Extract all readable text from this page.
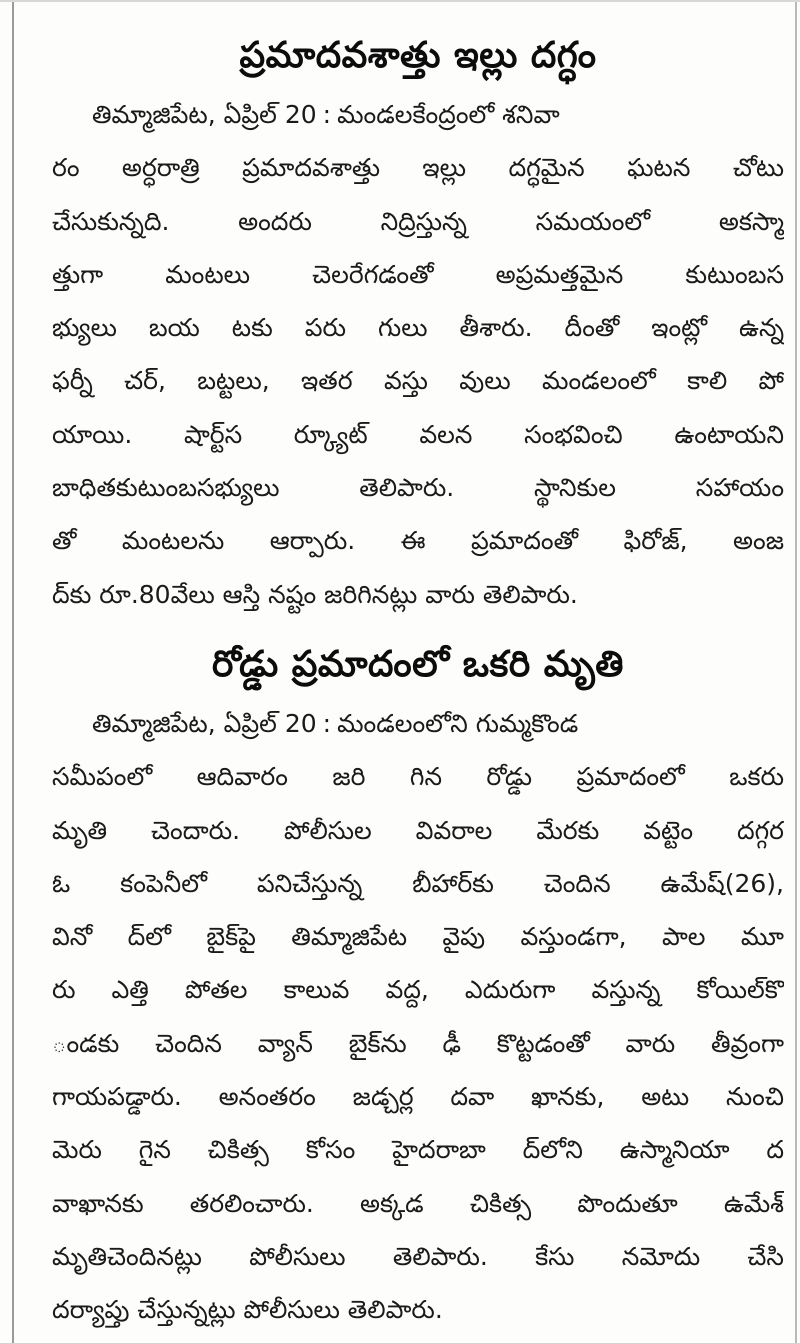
ప్రమాదవశాత్తు ఇల్లు దగ్ధం

తిమ్మాజిపేట, ఏప్రిల్ 20 : మండలకేంద్రంలో శనివా

రం అర్ధరాత్రి ప్రమాదవశాత్తు ఇల్లు దగ్ధమైన ఘటన చోటు

చేసుకున్నది. అందరు నిద్రిస్తున్న సమయంలో అకస్మా

త్తుగా మంటలు చెలరేగడంతో అప్రమత్తమైన కుటుంబస

భ్యులు బయ టకు పరు గులు తీశారు. దీంతో ఇంట్లో ఉన్న

ఫర్నీ చర్, బట్టలు, ఇతర వస్తు వులు మండలంలో కాలి పో

యాయి. షార్ట్‌స ర్క్యూట్ వలన సంభవించి ఉంటాయని

బాధితకుటుంబసభ్యులు తెలిపారు. స్థానికుల సహాయం

తో మంటలను ఆర్పారు. ఈ ప్రమాదంతో ఫిరోజ్, అంజ

ద్‌కు రూ.80వేలు ఆస్తి నష్టం జరిగినట్లు వారు తెలిపారు.

రోడ్డు ప్రమాదంలో ఒకరి మృతి

తిమ్మాజిపేట, ఏప్రిల్ 20 : మండలంలోని గుమ్మకొండ

సమీపంలో ఆదివారం జరి గిన రోడ్డు ప్రమాదంలో ఒకరు

మృతి చెందారు. పోలీసుల వివరాల మేరకు వట్టెం దగ్గర

ఓ కంపెనీలో పనిచేస్తున్న బీహార్‌కు చెందిన ఉమేష్(26),

వినో ద్‌లో బైక్‌పై తిమ్మాజిపేట వైపు వస్తుండగా, పాల మూ

రు ఎత్తి పోతల కాలువ వద్ద, ఎదురుగా వస్తున్న కోయిల్‌కొ

ండకు చెందిన వ్యాన్ బైక్‌ను ఢీ కొట్టడంతో వారు తీవ్రంగా

గాయపడ్డారు. అనంతరం జడ్చర్ల దవా ఖానకు, అటు నుంచి

మెరు గైన చికిత్స కోసం హైదరాబా ద్‌లోని ఉస్మానియా ద

వాఖానకు తరలించారు. అక్కడ చికిత్స పొందుతూ ఉమేశ్

మృతిచెందినట్లు పోలీసులు తెలిపారు. కేసు నమోదు చేసి

దర్యాప్తు చేస్తున్నట్లు పోలీసులు తెలిపారు.
